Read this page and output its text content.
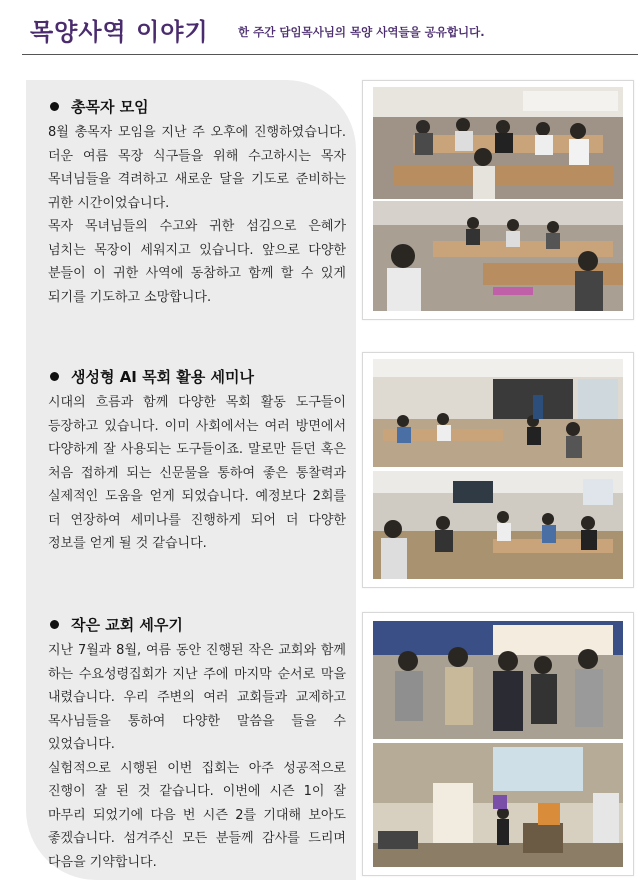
목양사역 이야기	한 주간 담임목사님의 목양 사역들을 공유합니다.
총목자 모임

8월 총목자 모임을 지난 주 오후에 진행하였습니다. 더운 여름 목장 식구들을 위해 수고하시는 목자 목녀님들을 격려하고 새로운 달을 기도로 준비하는 귀한 시간이었습니다.

목자 목녀님들의 수고와 귀한 섬김으로 은혜가 넘치는 목장이 세워지고 있습니다. 앞으로 다양한 분들이 이 귀한 사역에 동참하고 함께 할 수 있게 되기를 기도하고 소망합니다.

생성형 AI 목회 활용 세미나

시대의 흐름과 함께 다양한 목회 활동 도구들이 등장하고 있습니다. 이미 사회에서는 여러 방면에서 다양하게 잘 사용되는 도구들이죠. 말로만 듣던 혹은 처음 접하게 되는 신문물을 통하여 좋은 통찰력과 실제적인 도움을 얻게 되었습니다. 예정보다 2회를 더 연장하여 세미나를 진행하게 되어 더 다양한 정보를 얻게 될 것 같습니다.

작은 교회 세우기

지난 7월과 8월, 여름 동안 진행된 작은 교회와 함께 하는 수요성령집회가 지난 주에 마지막 순서로 막을 내렸습니다. 우리 주변의 여러 교회들과 교제하고 목사님들을 통하여 다양한 말씀을 들을 수 있었습니다.

실험적으로 시행된 이번 집회는 아주 성공적으로 진행이 잘 된 것 같습니다. 이번에 시즌 1이 잘 마무리 되었기에 다음 번 시즌 2를 기대해 보아도 좋겠습니다. 섬겨주신 모든 분들께 감사를 드리며 다음을 기약합니다.
